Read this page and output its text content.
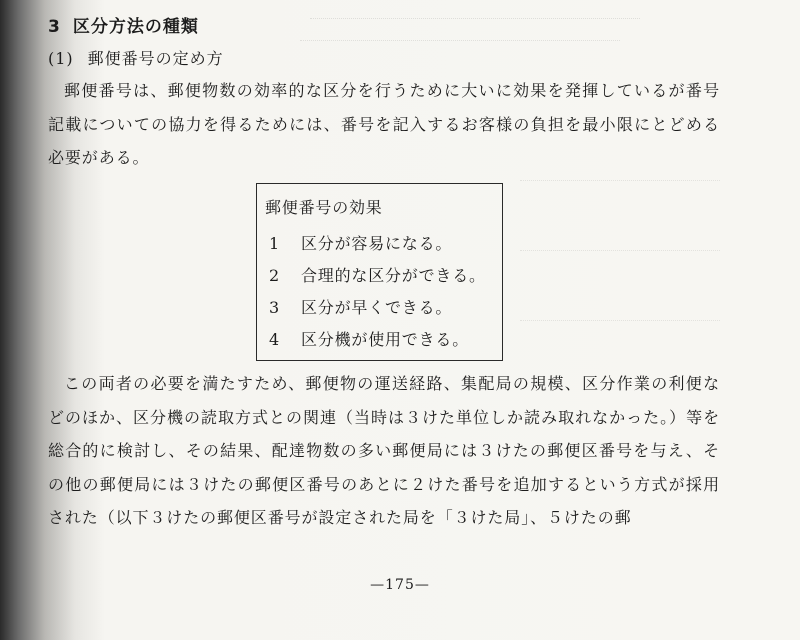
3 区分方法の種類
(1) 郵便番号の定め方

郵便番号は、郵便物数の効率的な区分を行うために大いに効果を発揮しているが番号記載についての協力を得るためには、番号を記入するお客様の負担を最小限にとどめる必要がある。

郵便番号の効果
1 区分が容易になる。
2 合理的な区分ができる。
3 区分が早くできる。
4 区分機が使用できる。

この両者の必要を満たすため、郵便物の運送経路、集配局の規模、区分作業の利便などのほか、区分機の読取方式との関連（当時は３けた単位しか読み取れなかった。）等を総合的に検討し、その結果、配達物数の多い郵便局には３けたの郵便区番号を与え、その他の郵便局には３けたの郵便区番号のあとに２けた番号を追加するという方式が採用された（以下３けたの郵便区番号が設定された局を「３けた局」、５けたの郵

—175—
